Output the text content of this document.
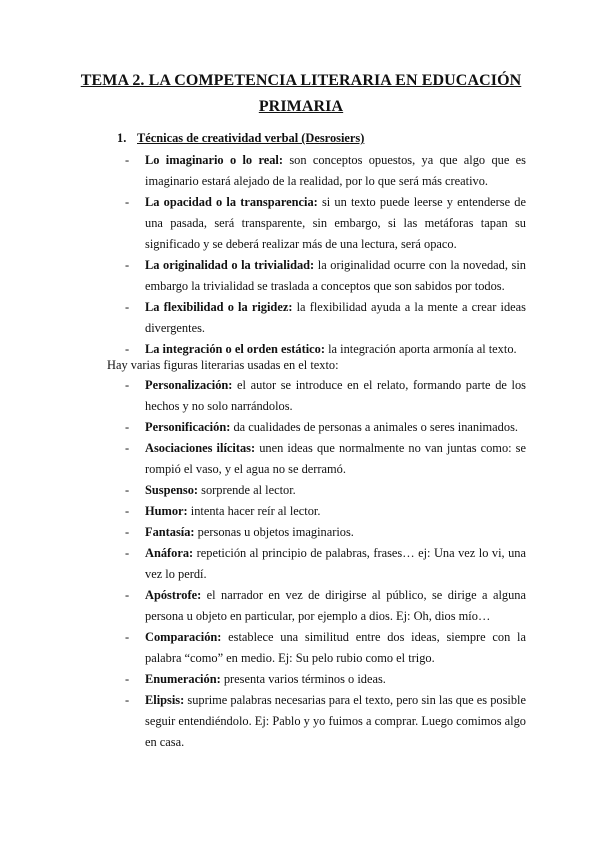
TEMA 2. LA COMPETENCIA LITERARIA EN EDUCACIÓN
PRIMARIA
1. Técnicas de creatividad verbal (Desrosiers)
- Lo imaginario o lo real: son conceptos opuestos, ya que algo que es imaginario estará alejado de la realidad, por lo que será más creativo.
- La opacidad o la transparencia: si un texto puede leerse y entenderse de una pasada, será transparente, sin embargo, si las metáforas tapan su significado y se deberá realizar más de una lectura, será opaco.
- La originalidad o la trivialidad: la originalidad ocurre con la novedad, sin embargo la trivialidad se traslada a conceptos que son sabidos por todos.
- La flexibilidad o la rigidez: la flexibilidad ayuda a la mente a crear ideas divergentes.
- La integración o el orden estático: la integración aporta armonía al texto.
Hay varias figuras literarias usadas en el texto:
- Personalización: el autor se introduce en el relato, formando parte de los hechos y no solo narrándolos.
- Personificación: da cualidades de personas a animales o seres inanimados.
- Asociaciones ilícitas: unen ideas que normalmente no van juntas como: se rompió el vaso, y el agua no se derramó.
- Suspenso: sorprende al lector.
- Humor: intenta hacer reír al lector.
- Fantasía: personas u objetos imaginarios.
- Anáfora: repetición al principio de palabras, frases… ej: Una vez lo vi, una vez lo perdí.
- Apóstrofe: el narrador en vez de dirigirse al público, se dirige a alguna persona u objeto en particular, por ejemplo a dios. Ej: Oh, dios mío…
- Comparación: establece una similitud entre dos ideas, siempre con la palabra “como” en medio. Ej: Su pelo rubio como el trigo.
- Enumeración: presenta varios términos o ideas.
- Elipsis: suprime palabras necesarias para el texto, pero sin las que es posible seguir entendiéndolo. Ej: Pablo y yo fuimos a comprar. Luego comimos algo en casa.
